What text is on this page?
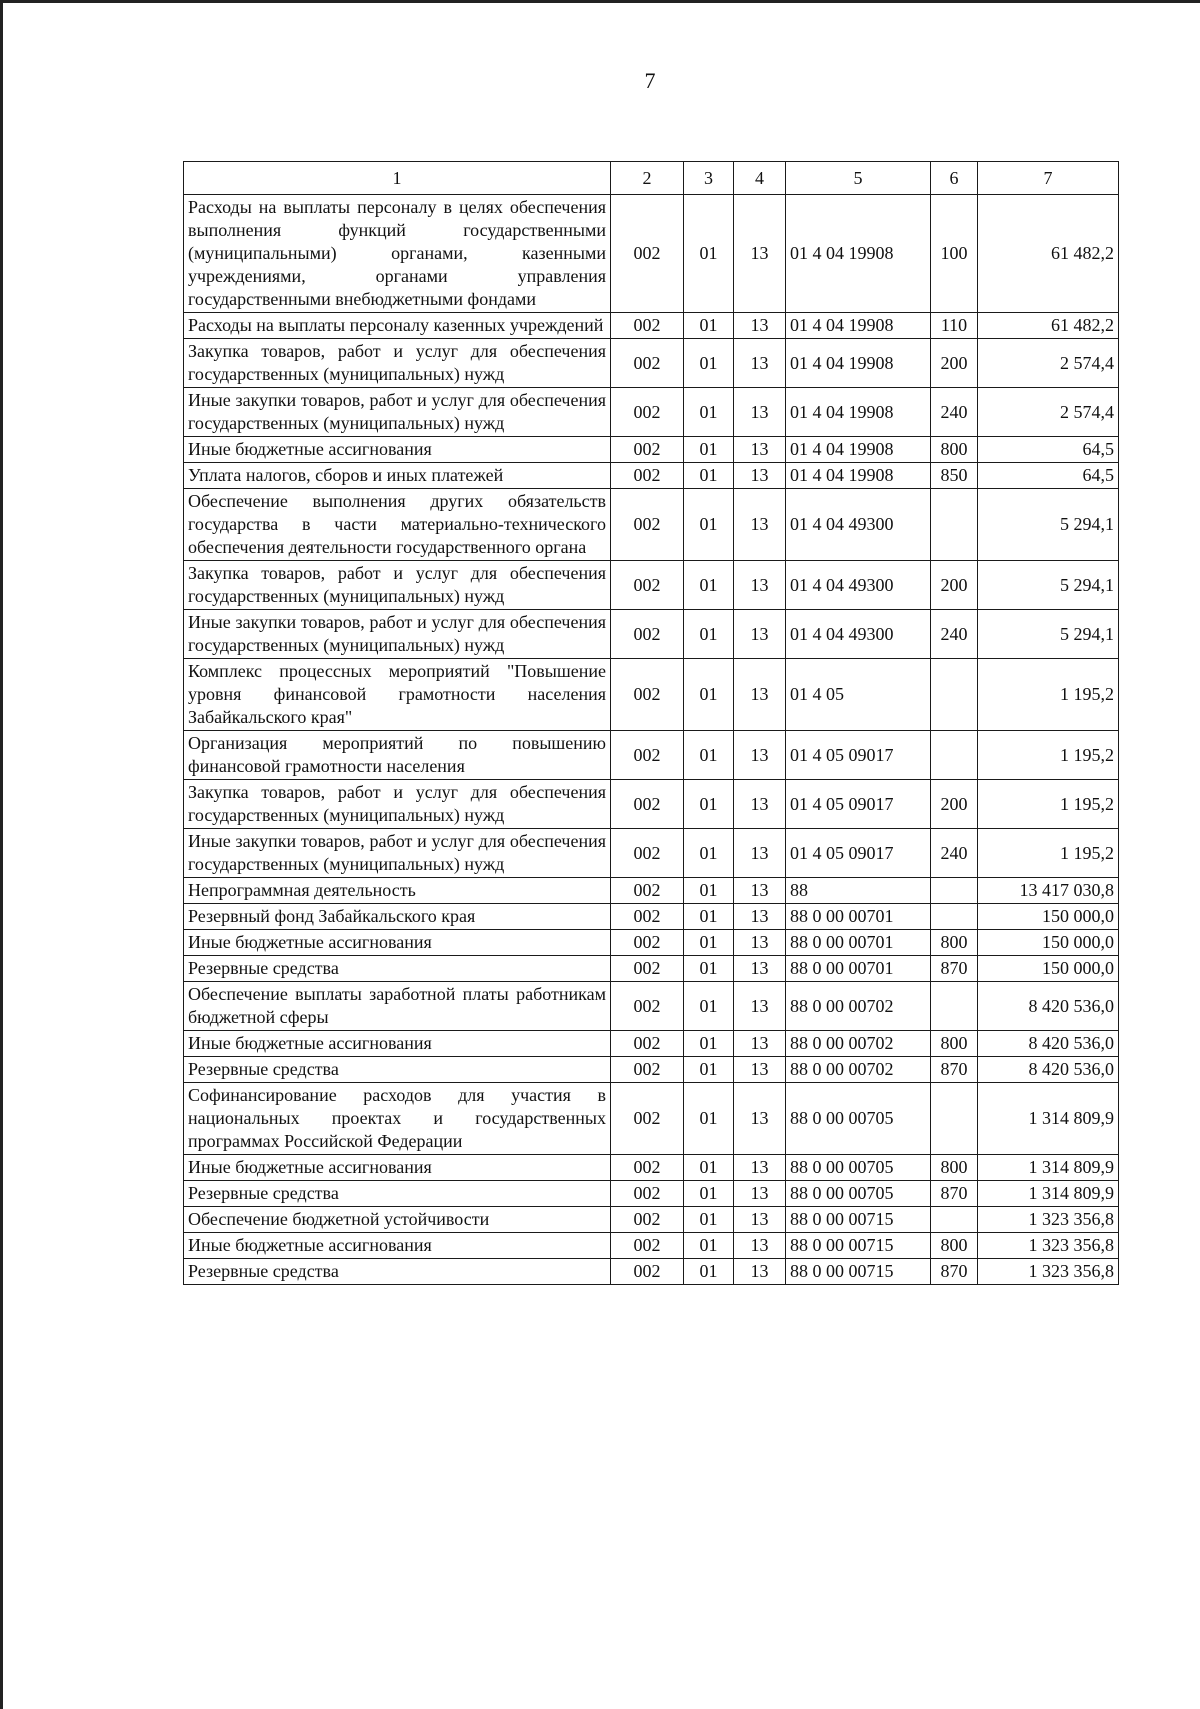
7
1	2	3	4	5	6	7
Расходы на выплаты персоналу в целях обеспечения выполнения функций государственными (муниципальными) органами, казенными учреждениями, органами управления государственными внебюджетными фондами	002	01	13	01 4 04 19908	100	61 482,2
Расходы на выплаты персоналу казенных учреждений	002	01	13	01 4 04 19908	110	61 482,2
Закупка товаров, работ и услуг для обеспечения государственных (муниципальных) нужд	002	01	13	01 4 04 19908	200	2 574,4
Иные закупки товаров, работ и услуг для обеспечения государственных (муниципальных) нужд	002	01	13	01 4 04 19908	240	2 574,4
Иные бюджетные ассигнования	002	01	13	01 4 04 19908	800	64,5
Уплата налогов, сборов и иных платежей	002	01	13	01 4 04 19908	850	64,5
Обеспечение выполнения других обязательств государства в части материально-технического обеспечения деятельности государственного органа	002	01	13	01 4 04 49300		5 294,1
Закупка товаров, работ и услуг для обеспечения государственных (муниципальных) нужд	002	01	13	01 4 04 49300	200	5 294,1
Иные закупки товаров, работ и услуг для обеспечения государственных (муниципальных) нужд	002	01	13	01 4 04 49300	240	5 294,1
Комплекс процессных мероприятий "Повышение уровня финансовой грамотности населения Забайкальского края"	002	01	13	01 4 05		1 195,2
Организация мероприятий по повышению финансовой грамотности населения	002	01	13	01 4 05 09017		1 195,2
Закупка товаров, работ и услуг для обеспечения государственных (муниципальных) нужд	002	01	13	01 4 05 09017	200	1 195,2
Иные закупки товаров, работ и услуг для обеспечения государственных (муниципальных) нужд	002	01	13	01 4 05 09017	240	1 195,2
Непрограммная деятельность	002	01	13	88		13 417 030,8
Резервный фонд Забайкальского края	002	01	13	88 0 00 00701		150 000,0
Иные бюджетные ассигнования	002	01	13	88 0 00 00701	800	150 000,0
Резервные средства	002	01	13	88 0 00 00701	870	150 000,0
Обеспечение выплаты заработной платы работникам бюджетной сферы	002	01	13	88 0 00 00702		8 420 536,0
Иные бюджетные ассигнования	002	01	13	88 0 00 00702	800	8 420 536,0
Резервные средства	002	01	13	88 0 00 00702	870	8 420 536,0
Софинансирование расходов для участия в национальных проектах и государственных программах Российской Федерации	002	01	13	88 0 00 00705		1 314 809,9
Иные бюджетные ассигнования	002	01	13	88 0 00 00705	800	1 314 809,9
Резервные средства	002	01	13	88 0 00 00705	870	1 314 809,9
Обеспечение бюджетной устойчивости	002	01	13	88 0 00 00715		1 323 356,8
Иные бюджетные ассигнования	002	01	13	88 0 00 00715	800	1 323 356,8
Резервные средства	002	01	13	88 0 00 00715	870	1 323 356,8
